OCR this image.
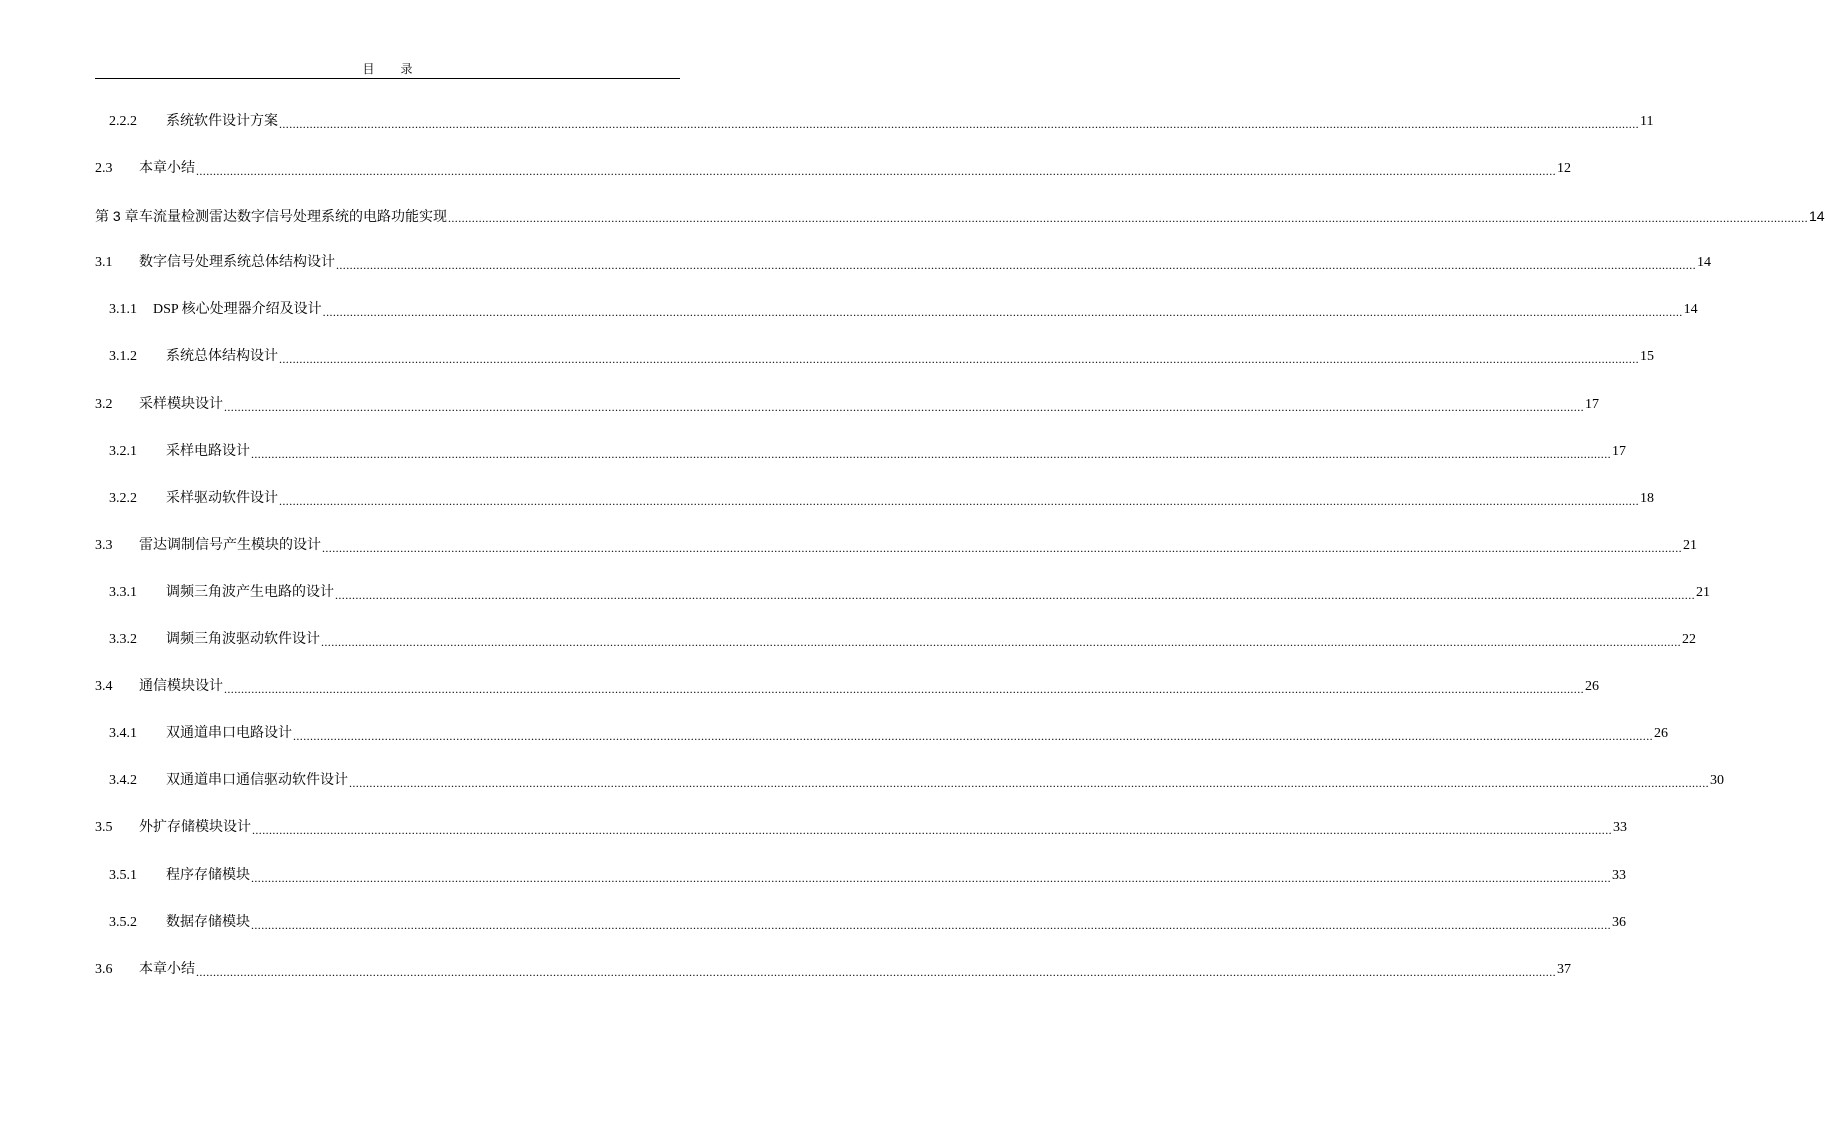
目录
2.2.2	系统软件设计方案 ................................................................................................................................................................................................................................................................................................................................................................................................................ 11
2.3	本章小结 ................................................................................................................................................................................................................................................................................................................................................................................................................ 12
第 3 章 车流量检测雷达数字信号处理系统的电路功能实现 ................................................................................................................................................................................................................................................................................................................................................................................................................ 14
3.1	数字信号处理系统总体结构设计 ................................................................................................................................................................................................................................................................................................................................................................................................................ 14
3.1.1	DSP 核心处理器介绍及设计 ................................................................................................................................................................................................................................................................................................................................................................................................................ 14
3.1.2	系统总体结构设计 ................................................................................................................................................................................................................................................................................................................................................................................................................ 15
3.2	采样模块设计 ................................................................................................................................................................................................................................................................................................................................................................................................................ 17
3.2.1	采样电路设计 ................................................................................................................................................................................................................................................................................................................................................................................................................ 17
3.2.2	采样驱动软件设计 ................................................................................................................................................................................................................................................................................................................................................................................................................ 18
3.3	雷达调制信号产生模块的设计 ................................................................................................................................................................................................................................................................................................................................................................................................................ 21
3.3.1	调频三角波产生电路的设计 ................................................................................................................................................................................................................................................................................................................................................................................................................ 21
3.3.2	调频三角波驱动软件设计 ................................................................................................................................................................................................................................................................................................................................................................................................................ 22
3.4	通信模块设计 ................................................................................................................................................................................................................................................................................................................................................................................................................ 26
3.4.1	双通道串口电路设计 ................................................................................................................................................................................................................................................................................................................................................................................................................ 26
3.4.2	双通道串口通信驱动软件设计 ................................................................................................................................................................................................................................................................................................................................................................................................................ 30
3.5	外扩存储模块设计 ................................................................................................................................................................................................................................................................................................................................................................................................................ 33
3.5.1	程序存储模块 ................................................................................................................................................................................................................................................................................................................................................................................................................ 33
3.5.2	数据存储模块 ................................................................................................................................................................................................................................................................................................................................................................................................................ 36
3.6	本章小结 ................................................................................................................................................................................................................................................................................................................................................................................................................ 37
